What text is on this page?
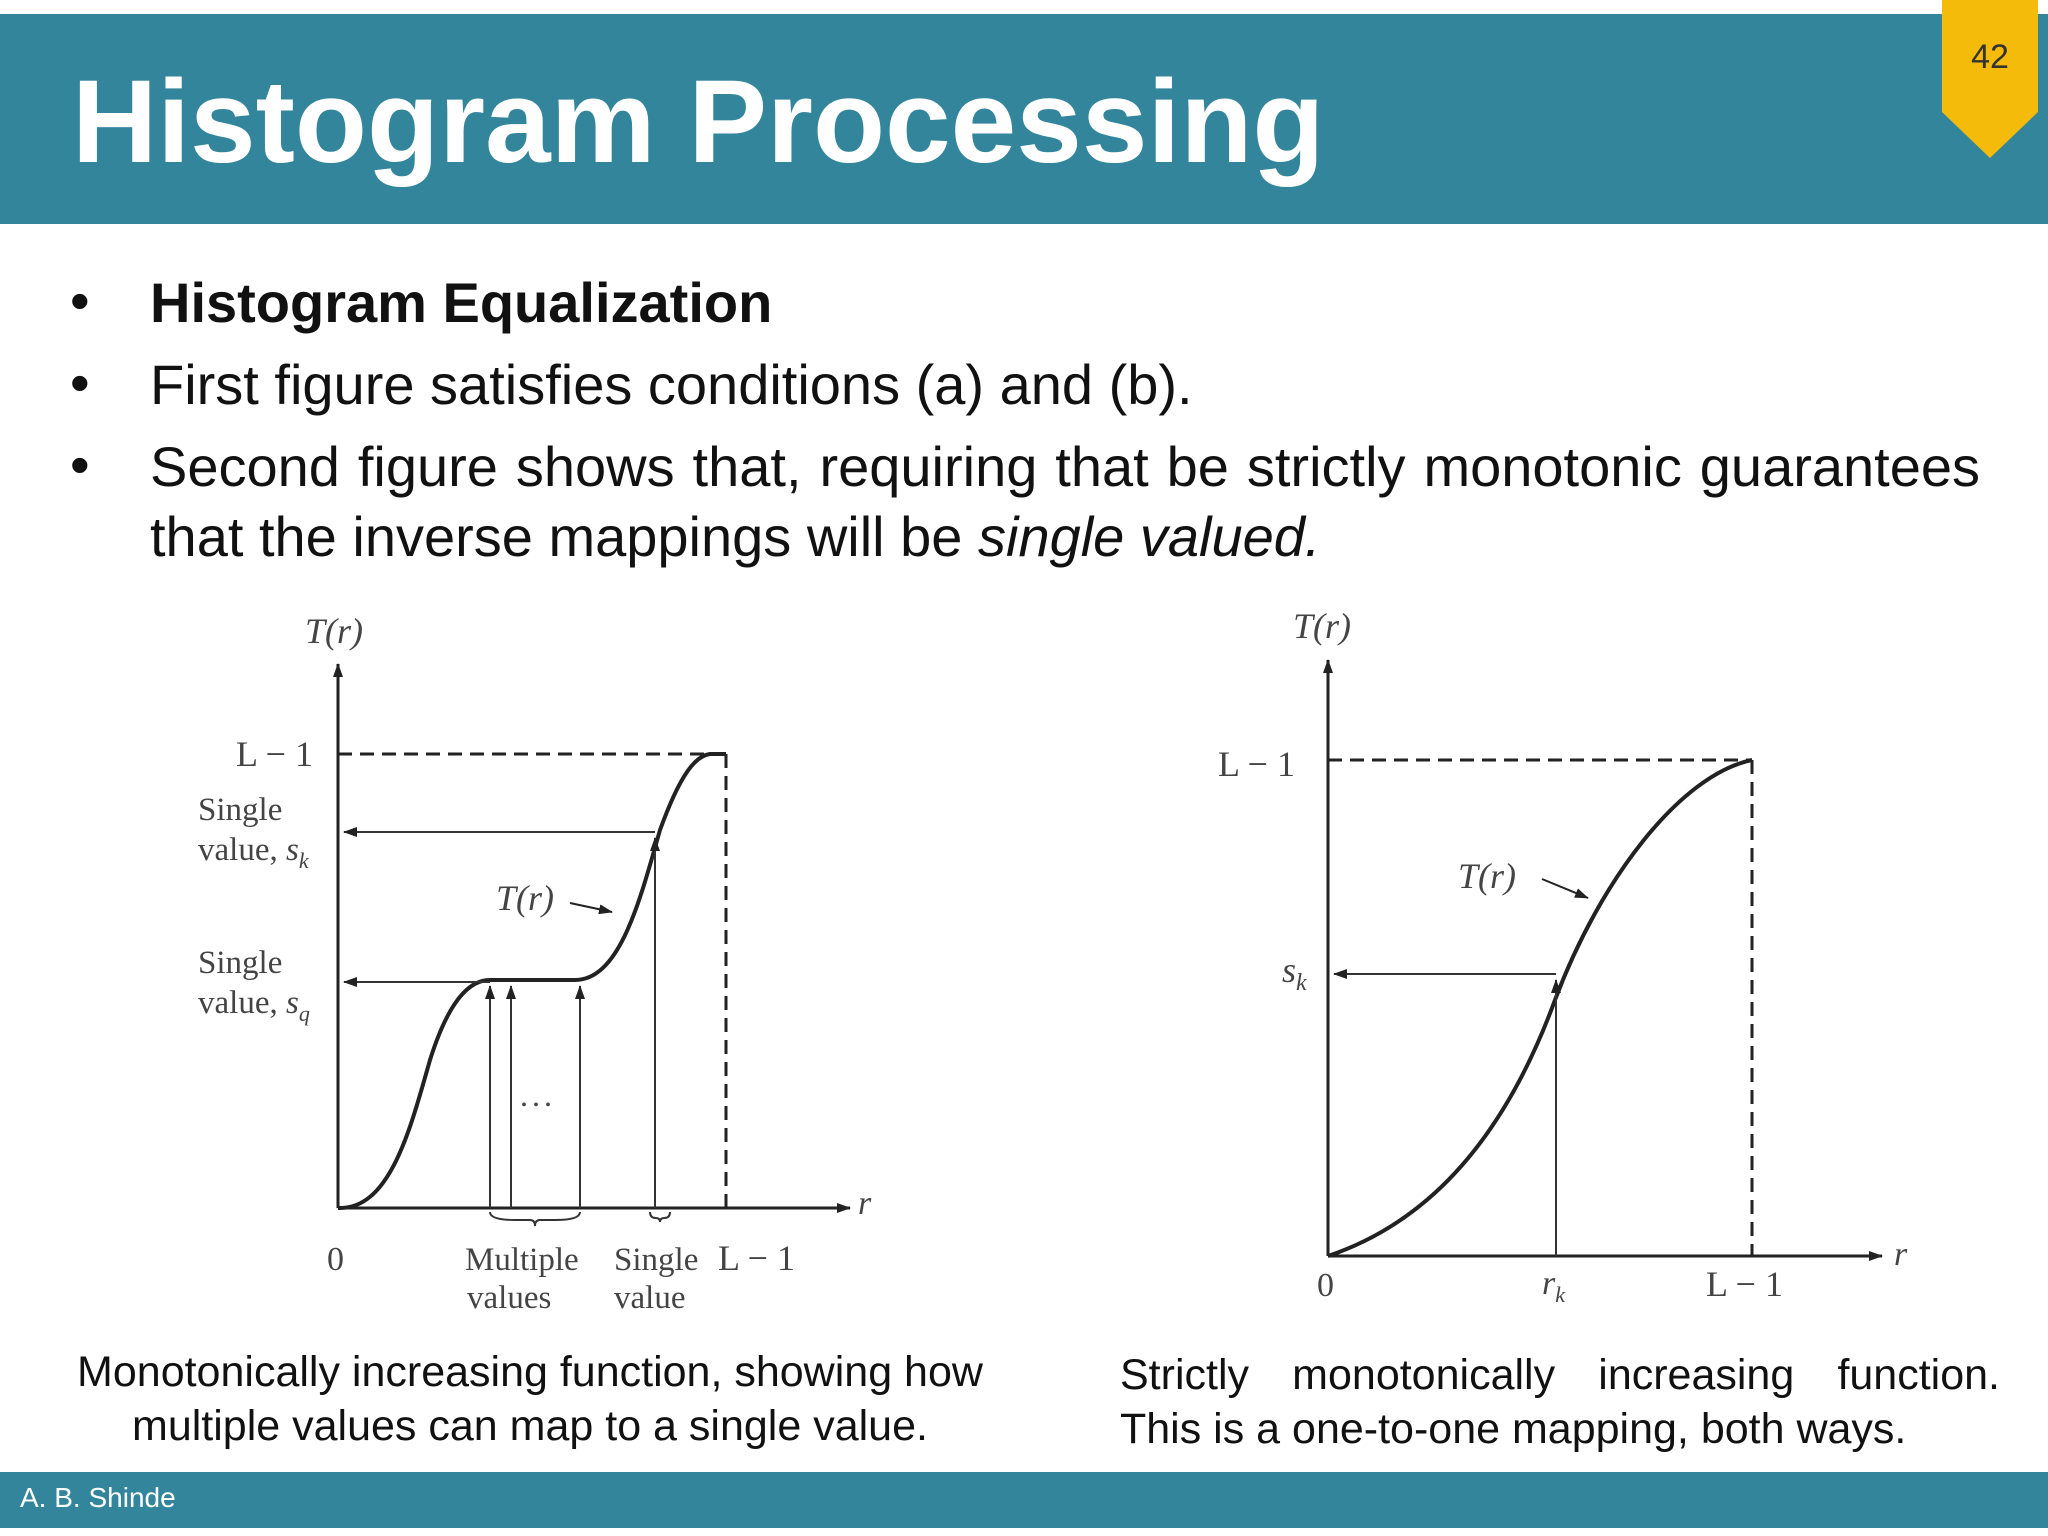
Histogram Processing	42
•	Histogram Equalization
•	First figure satisfies conditions (a) and (b).
•	Second figure shows that, requiring that be strictly monotonic guarantees that the inverse mappings will be single valued.
T(r)
r
L − 1
Single value, $s_k$
Single value, $s_q$
T(r)
...
0	Multiple values
Single value
L − 1
T(r)
r
L − 1
$s_k$
T(r)
0	$r_k$	L − 1
Monotonically increasing function, showing how multiple values can map to a single value.
Strictly monotonically increasing function.
This is a one-to-one mapping, both ways.
A. B. Shinde
